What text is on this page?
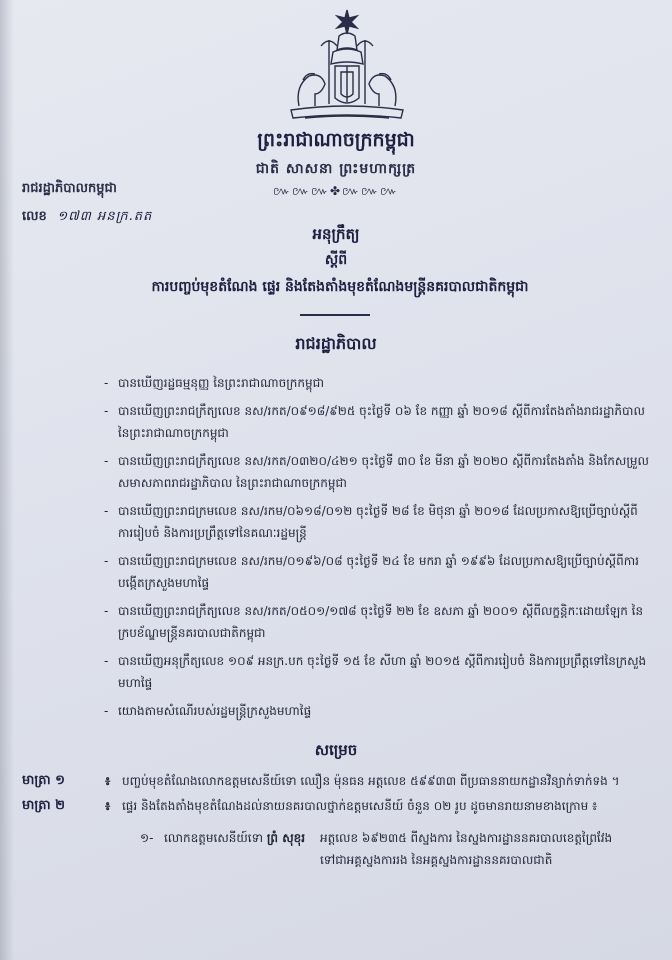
ព្រះរាជាណាចក្រកម្ពុជា
ជាតិ សាសនា ព្រះមហាក្សត្រ
៚៚៚✤៚៚៚
រាជរដ្ឋាភិបាលកម្ពុជា
លេខ ១៧៣ អនក្រ.តត
អនុក្រឹត្យ
ស្តីពី
ការបញ្ចប់មុខតំណែង ផ្ទេរ និងតែងតាំងមុខតំណែងមន្ត្រីនគរបាលជាតិកម្ពុជា
រាជរដ្ឋាភិបាល
- បានឃើញរដ្ឋធម្មនុញ្ញ នៃព្រះរាជាណាចក្រកម្ពុជា
- បានឃើញព្រះរាជក្រឹត្យលេខ នស/រកត/០៩១៨/៩២៥ ចុះថ្ងៃទី ០៦ ខែ កញ្ញា ឆ្នាំ ២០១៨ ស្តីពីការតែងតាំងរាជរដ្ឋាភិបាល នៃព្រះរាជាណាចក្រកម្ពុជា
- បានឃើញព្រះរាជក្រឹត្យលេខ នស/រកត/០៣២០/៤២១ ចុះថ្ងៃទី ៣០ ខែ មីនា ឆ្នាំ ២០២០ ស្តីពីការតែងតាំង និងកែសម្រួលសមាសភាពរាជរដ្ឋាភិបាល នៃព្រះរាជាណាចក្រកម្ពុជា
- បានឃើញព្រះរាជក្រមលេខ នស/រកម/០៦១៨/០១២ ចុះថ្ងៃទី ២៨ ខែ មិថុនា ឆ្នាំ ២០១៨ ដែលប្រកាសឱ្យប្រើច្បាប់ស្តីពីការរៀបចំ និងការប្រព្រឹត្តទៅនៃគណៈរដ្ឋមន្ត្រី
- បានឃើញព្រះរាជក្រមលេខ នស/រកម/០១៩៦/០៨ ចុះថ្ងៃទី ២៤ ខែ មករា ឆ្នាំ ១៩៩៦ ដែលប្រកាសឱ្យប្រើច្បាប់ស្តីពីការបង្កើតក្រសួងមហាផ្ទៃ
- បានឃើញព្រះរាជក្រឹត្យលេខ នស/រកត/០៥០១/១៧៨ ចុះថ្ងៃទី ២២ ខែ ឧសភា ឆ្នាំ ២០០១ ស្តីពីលក្ខន្តិកៈដោយឡែក នៃក្របខ័ណ្ឌមន្ត្រីនគរបាលជាតិកម្ពុជា
- បានឃើញអនុក្រឹត្យលេខ ១០៩ អនក្រ.បក ចុះថ្ងៃទី ១៥ ខែ សីហា ឆ្នាំ ២០១៥ ស្តីពីការរៀបចំ និងការប្រព្រឹត្តទៅនៃក្រសួងមហាផ្ទៃ
- យោងតាមសំណើរបស់រដ្ឋមន្ត្រីក្រសួងមហាផ្ទៃ
សម្រេច
មាត្រា ១	៖ បញ្ចប់មុខតំណែងលោកឧត្តមសេនីយ៍ទោ ឈឿន ម៉ុនធន អត្តលេខ ៥៩៩៣៣ ពីប្រធាននាយកដ្ឋានវិន្យាក់ទាក់ទង ។
មាត្រា ២	៖ ផ្ទេរ និងតែងតាំងមុខតំណែងដល់នាយនគរបាលថ្នាក់ឧត្តមសេនីយ៍ ចំនួន ០២ រូប ដូចមានរាយនាមខាងក្រោម ៖
១- លោកឧត្តមសេនីយ៍ទោ ព្រំ សុខុរ អត្តលេខ ៦៩២៣៥ ពីស្នងការ នៃស្នងការដ្ឋាននគរបាលខេត្តព្រៃវែង ទៅជាអគ្គស្នងការរង នៃអគ្គស្នងការដ្ឋាននគរបាលជាតិ
